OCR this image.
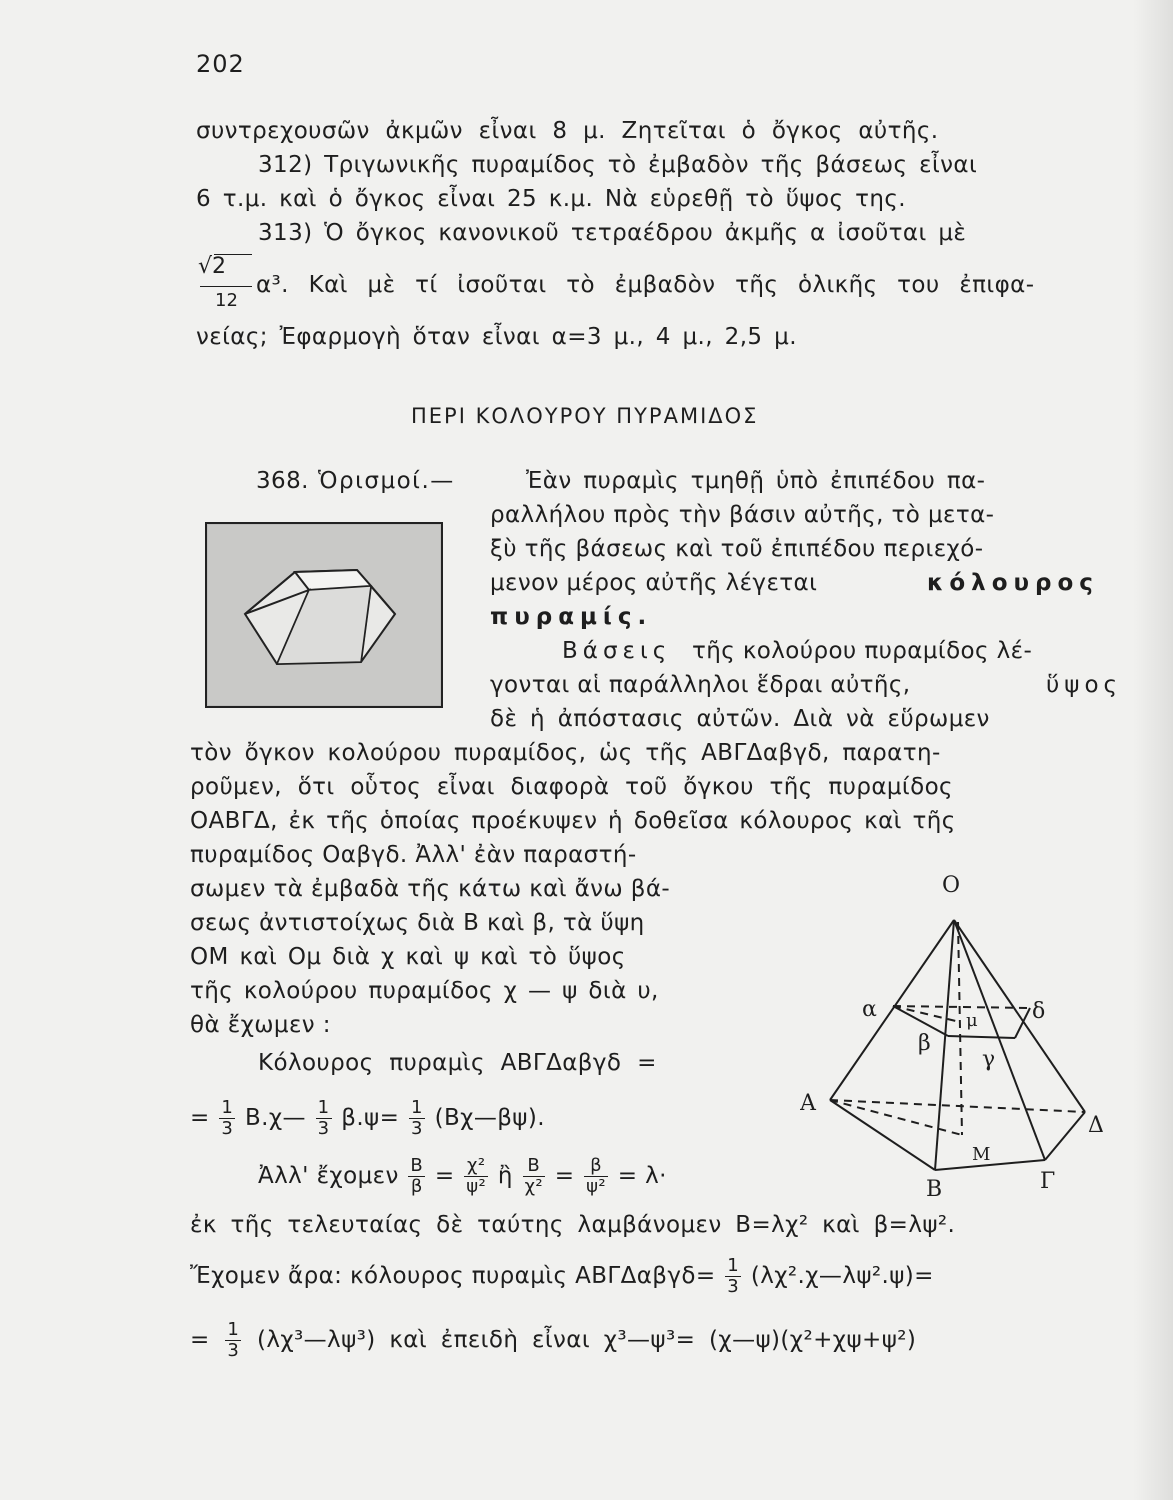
202
συντρεχουσῶν ἀκμῶν εἶναι 8 μ. Ζητεῖται ὁ ὄγκος αὐτῆς.
312) Τριγωνικῆς πυραμίδος τὸ ἐμβαδὸν τῆς βάσεως εἶναι
6 τ.μ. καὶ ὁ ὄγκος εἶναι 25 κ.μ. Νὰ εὑρεθῇ τὸ ὕψος της.
313) Ὁ ὄγκος κανονικοῦ τετραέδρου ἀκμῆς α ἰσοῦται μὲ
√2
12
α³. Καὶ μὲ τί ἰσοῦται τὸ ἐμβαδὸν τῆς ὁλικῆς του ἐπιφα-
νείας; Ἐφαρμογὴ ὅταν εἶναι α=3 μ., 4 μ., 2,5 μ.
ΠΕΡΙ ΚΟΛΟΥΡΟΥ ΠΥΡΑΜΙΔΟΣ
368. Ὁρισμοί.—	Ἐὰν πυραμὶς τμηθῇ ὑπὸ ἐπιπέδου πα-
ραλλήλου πρὸς τὴν βάσιν αὐτῆς, τὸ μετα-
ξὺ τῆς βάσεως καὶ τοῦ ἐπιπέδου περιεχό-
μενον μέρος αὐτῆς λέγεται	κόλουρος
πυραμίς.
Βάσεις τῆς κολούρου πυραμίδος λέ-
γονται αἱ παράλληλοι ἕδραι αὐτῆς,	ὕψος
δὲ ἡ ἀπόστασις αὐτῶν. Διὰ νὰ εὕρωμεν
τὸν ὄγκον κολούρου πυραμίδος, ὡς τῆς ΑΒΓΔαβγδ, παρατη-
ροῦμεν, ὅτι οὗτος εἶναι διαφορὰ τοῦ ὄγκου τῆς πυραμίδος
ΟΑΒΓΔ, ἐκ τῆς ὁποίας προέκυψεν ἡ δοθεῖσα κόλουρος καὶ τῆς
πυραμίδος Οαβγδ. Ἀλλ' ἐὰν παραστή-
σωμεν τὰ ἐμβαδὰ τῆς κάτω καὶ ἄνω βά-
σεως ἀντιστοίχως διὰ Β καὶ β, τὰ ὕψη
ΟΜ καὶ Ομ διὰ χ καὶ ψ καὶ τὸ ὕψος
τῆς κολούρου πυραμίδος χ — ψ διὰ υ,
θὰ ἔχωμεν :
Κόλουρος πυραμὶς ΑΒΓΔαβγδ =
= $\frac{1}{3}$ Β.χ— $\frac{1}{3} \beta.\psi= \frac{1}{3}$ (Βχ—βψ).
Ἀλλ' ἔχομεν $\frac{B}{\beta} = \frac{\text{χ²}}{\text{ψ²}}$ ἢ $\frac{B}{\text{χ²}} = \frac{\beta}{\text{ψ²}} = \lambda\cdot$
ἐκ τῆς τελευταίας δὲ ταύτης λαμβάνομεν Β=λχ² καὶ β=λψ².
Ἔχομεν ἄρα: κόλουρος πυραμὶς $AB\Gamma\Delta\alpha\beta\gamma\delta= \frac{1}{3}$ (λχ².χ—λψ².ψ)=
= $\frac{1}{3}$ (λχ³—λψ³) καὶ ἐπειδὴ εἶναι χ³—ψ³= (χ—ψ)(χ²+χψ+ψ²)
O
α	δ
β
γ
μ
Α
Δ
Μ
Β	Γ
